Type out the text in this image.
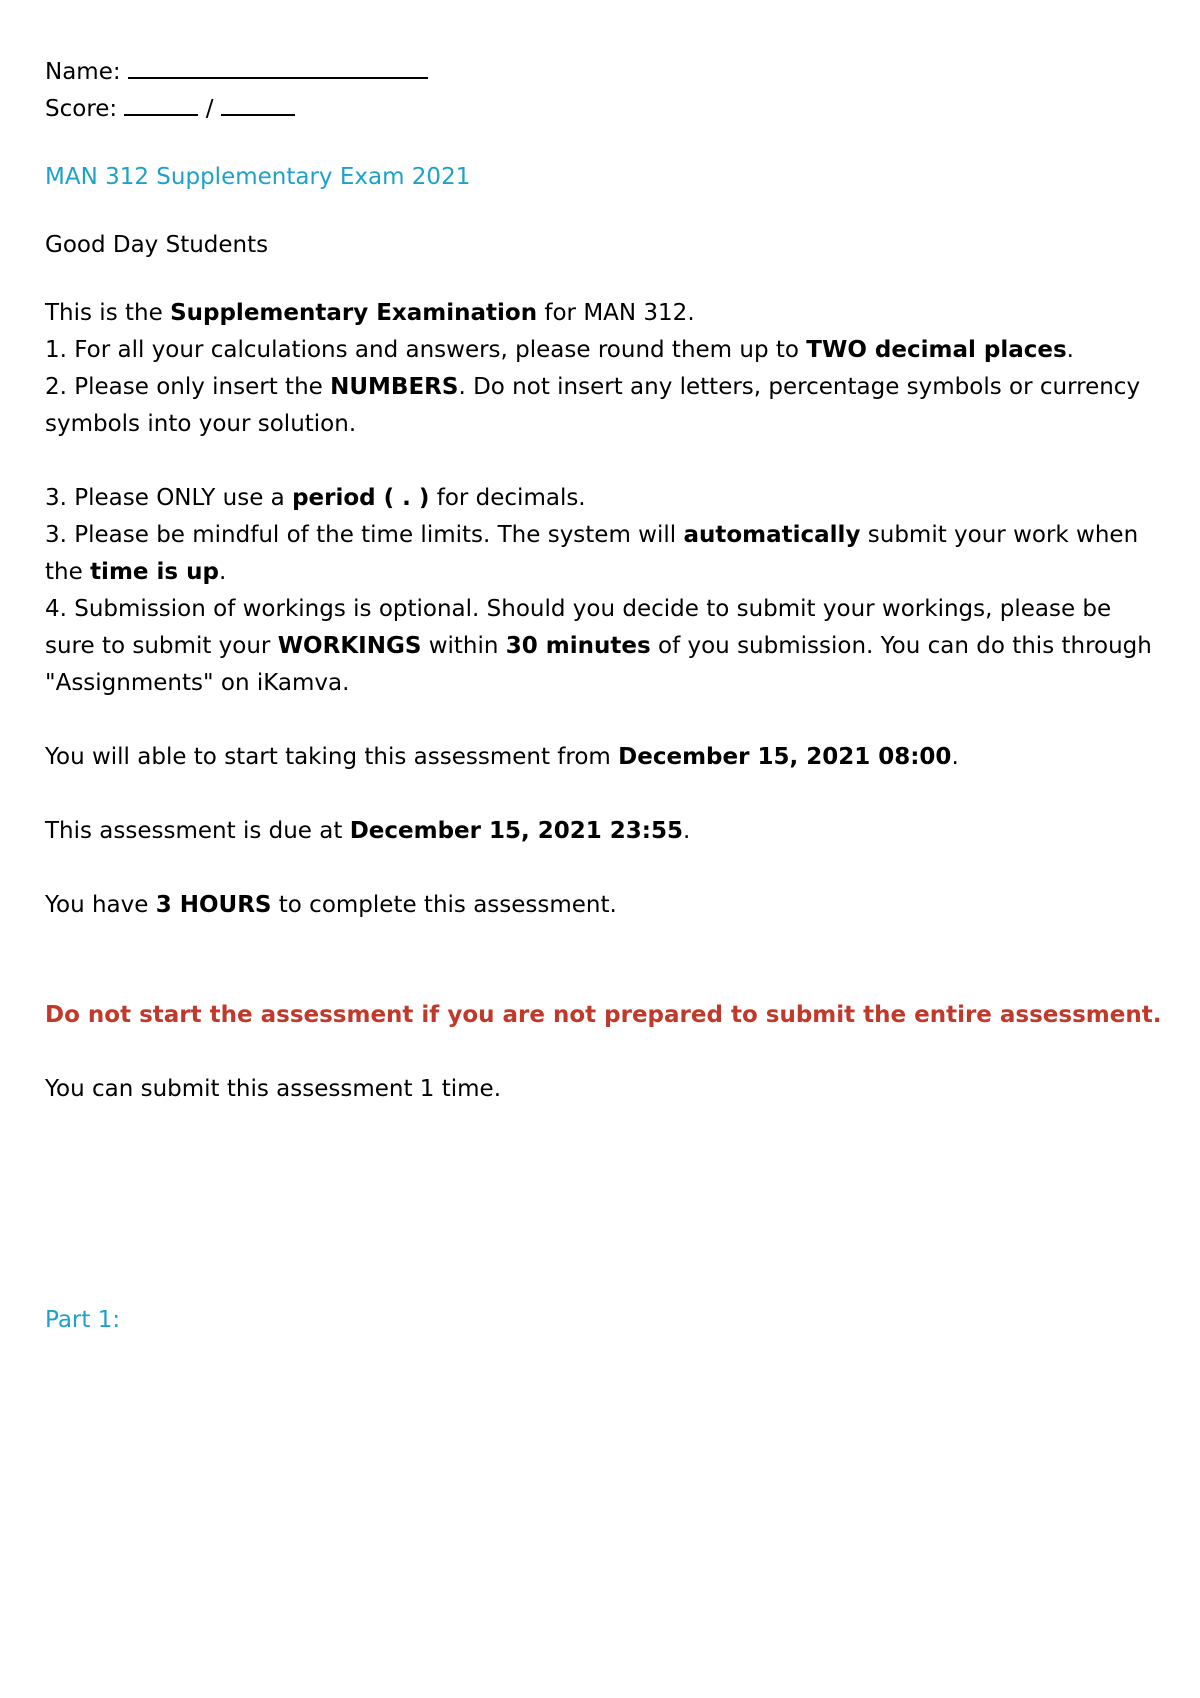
Name:

Score:	/

MAN 312 Supplementary Exam 2021

Good Day Students

This is the Supplementary Examination for MAN 312.

1. For all your calculations and answers, please round them up to TWO decimal places.

2. Please only insert the NUMBERS. Do not insert any letters, percentage symbols or currency symbols into your solution.

3. Please ONLY use a period ( . ) for decimals.

3. Please be mindful of the time limits. The system will automatically submit your work when the time is up.

4. Submission of workings is optional. Should you decide to submit your workings, please be sure to submit your WORKINGS within 30 minutes of you submission. You can do this through "Assignments" on iKamva.

You will able to start taking this assessment from December 15, 2021 08:00.

This assessment is due at December 15, 2021 23:55.

You have 3 HOURS to complete this assessment.

Do not start the assessment if you are not prepared to submit the entire assessment.

You can submit this assessment 1 time.

Part 1:
